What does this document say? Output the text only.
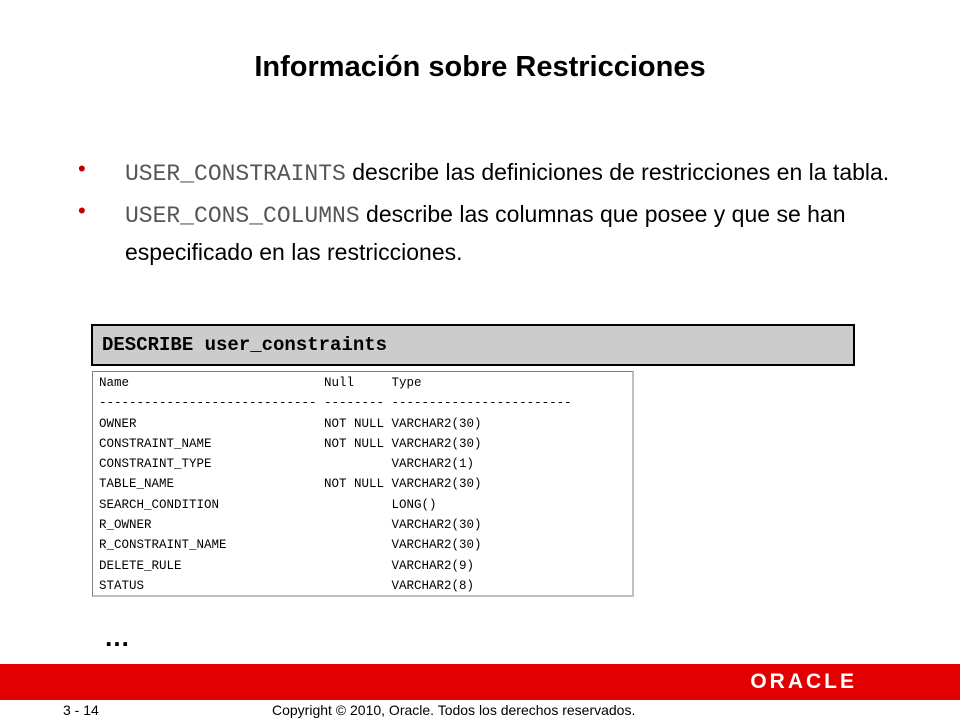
Información sobre Restricciones
• USER_CONSTRAINTS describe las definiciones de restricciones en la tabla.
• USER_CONS_COLUMNS describe las columnas que posee y que se han especificado en las restricciones.
DESCRIBE user_constraints
Name                          Null     Type
----------------------------- -------- ------------------------
OWNER                         NOT NULL VARCHAR2(30)
CONSTRAINT_NAME               NOT NULL VARCHAR2(30)
CONSTRAINT_TYPE                        VARCHAR2(1)
TABLE_NAME                    NOT NULL VARCHAR2(30)
SEARCH_CONDITION                       LONG()
R_OWNER                                VARCHAR2(30)
R_CONSTRAINT_NAME                      VARCHAR2(30)
DELETE_RULE                            VARCHAR2(9)
STATUS                                 VARCHAR2(8)
…
ORACLE
3 - 14	Copyright © 2010, Oracle. Todos los derechos reservados.
